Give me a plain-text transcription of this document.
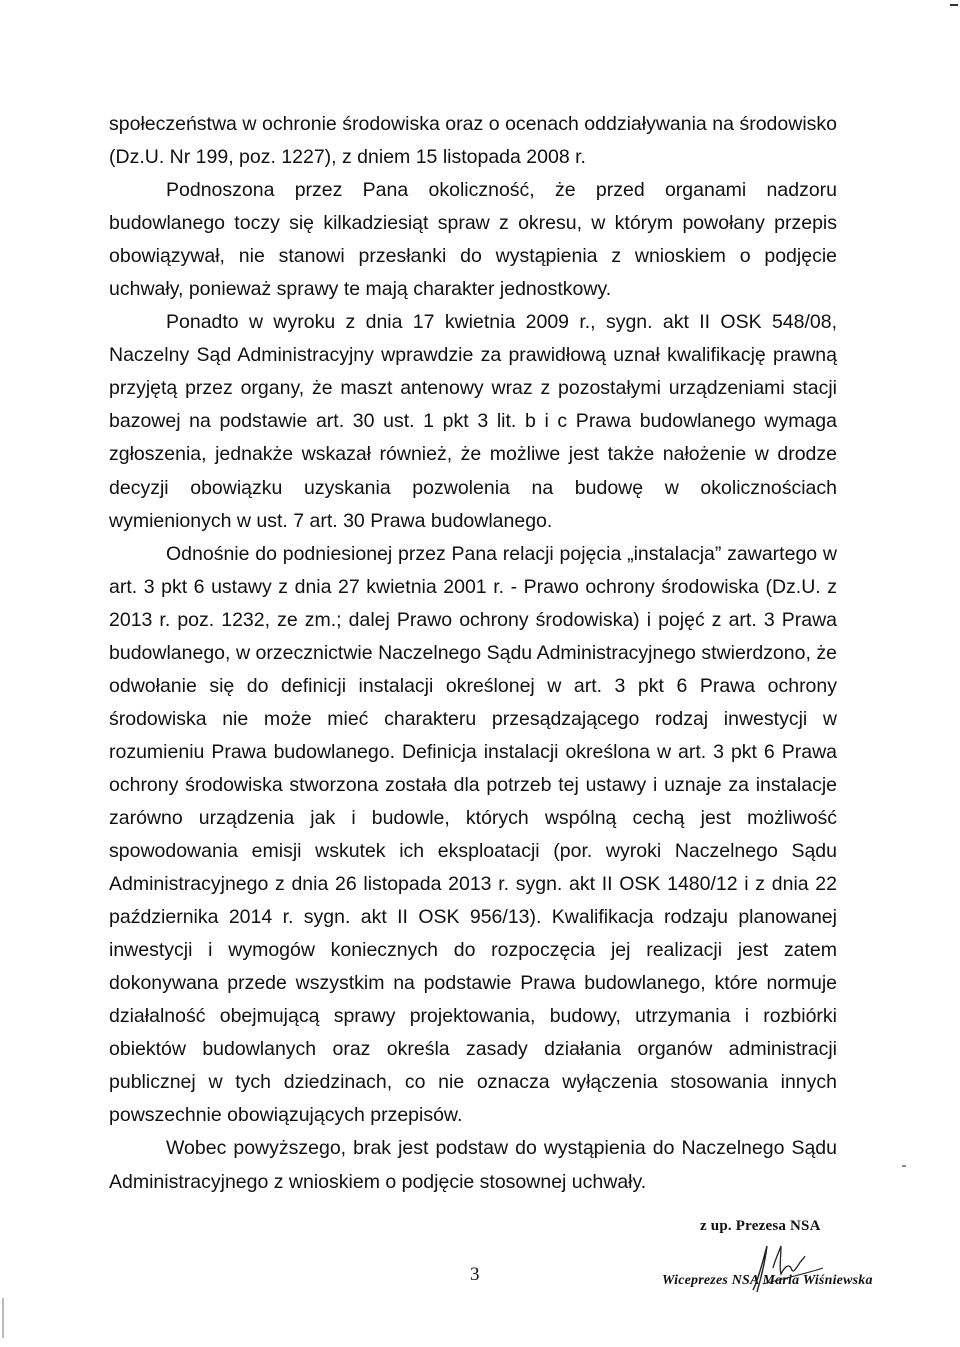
społeczeństwa w ochronie środowiska oraz o ocenach oddziaływania na środowisko (Dz.U. Nr 199, poz. 1227), z dniem 15 listopada 2008 r.

Podnoszona przez Pana okoliczność, że przed organami nadzoru budowlanego toczy się kilkadziesiąt spraw z okresu, w którym powołany przepis obowiązywał, nie stanowi przesłanki do wystąpienia z wnioskiem o podjęcie uchwały, ponieważ sprawy te mają charakter jednostkowy.

Ponadto w wyroku z dnia 17 kwietnia 2009 r., sygn. akt II OSK 548/08, Naczelny Sąd Administracyjny wprawdzie za prawidłową uznał kwalifikację prawną przyjętą przez organy, że maszt antenowy wraz z pozostałymi urządzeniami stacji bazowej na podstawie art. 30 ust. 1 pkt 3 lit. b i c Prawa budowlanego wymaga zgłoszenia, jednakże wskazał również, że możliwe jest także nałożenie w drodze decyzji obowiązku uzyskania pozwolenia na budowę w okolicznościach wymienionych w ust. 7 art. 30 Prawa budowlanego.

Odnośnie do podniesionej przez Pana relacji pojęcia „instalacja” zawartego w art. 3 pkt 6 ustawy z dnia 27 kwietnia 2001 r. - Prawo ochrony środowiska (Dz.U. z 2013 r. poz. 1232, ze zm.; dalej Prawo ochrony środowiska) i pojęć z art. 3 Prawa budowlanego, w orzecznictwie Naczelnego Sądu Administracyjnego stwierdzono, że odwołanie się do definicji instalacji określonej w art. 3 pkt 6 Prawa ochrony środowiska nie może mieć charakteru przesądzającego rodzaj inwestycji w rozumieniu Prawa budowlanego. Definicja instalacji określona w art. 3 pkt 6 Prawa ochrony środowiska stworzona została dla potrzeb tej ustawy i uznaje za instalacje zarówno urządzenia jak i budowle, których wspólną cechą jest możliwość spowodowania emisji wskutek ich eksploatacji (por. wyroki Naczelnego Sądu Administracyjnego z dnia 26 listopada 2013 r. sygn. akt II OSK 1480/12 i z dnia 22 października 2014 r. sygn. akt II OSK 956/13). Kwalifikacja rodzaju planowanej inwestycji i wymogów koniecznych do rozpoczęcia jej realizacji jest zatem dokonywana przede wszystkim na podstawie Prawa budowlanego, które normuje działalność obejmującą sprawy projektowania, budowy, utrzymania i rozbiórki obiektów budowlanych oraz określa zasady działania organów administracji publicznej w tych dziedzinach, co nie oznacza wyłączenia stosowania innych powszechnie obowiązujących przepisów.

Wobec powyższego, brak jest podstaw do wystąpienia do Naczelnego Sądu Administracyjnego z wnioskiem o podjęcie stosownej uchwały.

3
z up. Prezesa NSA
Wiceprezes NSA Maria Wiśniewska
